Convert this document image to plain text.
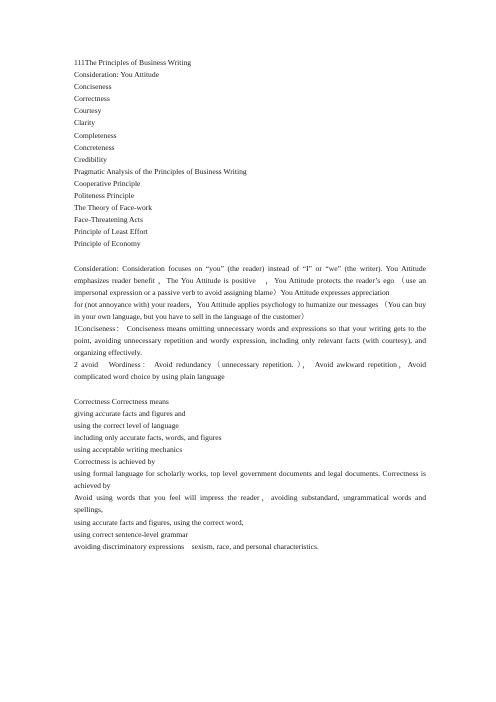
111The Principles of Business Writing
Consideration: You Attitude
Conciseness
Correctness
Courtesy
Clarity
Completeness
Concreteness
Credibility
Pragmatic Analysis of the Principles of Business Writing
Cooperative Principle
Politeness Principle
The Theory of Face-work
Face-Threatening Acts
Principle of Least Effort
Principle of Economy
Consideration: Consideration focuses on “you” (the reader) instead of “I” or “we” (the writer). You Attitude emphasizes reader benefit ，The You Attitude is positive　，You Attitude protects the reader’s ego （use an impersonal expression or a passive verb to avoid assigning blame）You Attitude expresses appreciation
for (not annoyance with) your readers，You Attitude applies psychology to humanize our messages （You can buy in your own language, but you have to sell in the language of the customer）
1Conciseness： Conciseness means omitting unnecessary words and expressions so that your writing gets to the point, avoiding unnecessary repetition and wordy expression, including only relevant facts (with courtesy), and organizing effectively.
2 avoid　Wordiness： Avoid redundancy（unnecessary repetition. ）， Avoid awkward repetition，Avoid complicated word choice by using plain language
Correctness Correctness means
giving accurate facts and figures and
using the correct level of language
including only accurate facts, words, and figures
using acceptable writing mechanics
Correctness is achieved by
using formal language for scholarly works, top level government documents and legal documents. Correctness is achieved by
Avoid using words that you feel will impress the reader，avoiding substandard, ungrammatical words and spellings,
using accurate facts and figures, using the correct word,
using correct sentence-level grammar
avoiding discriminatory expressions　sexism, race, and personal characteristics.
